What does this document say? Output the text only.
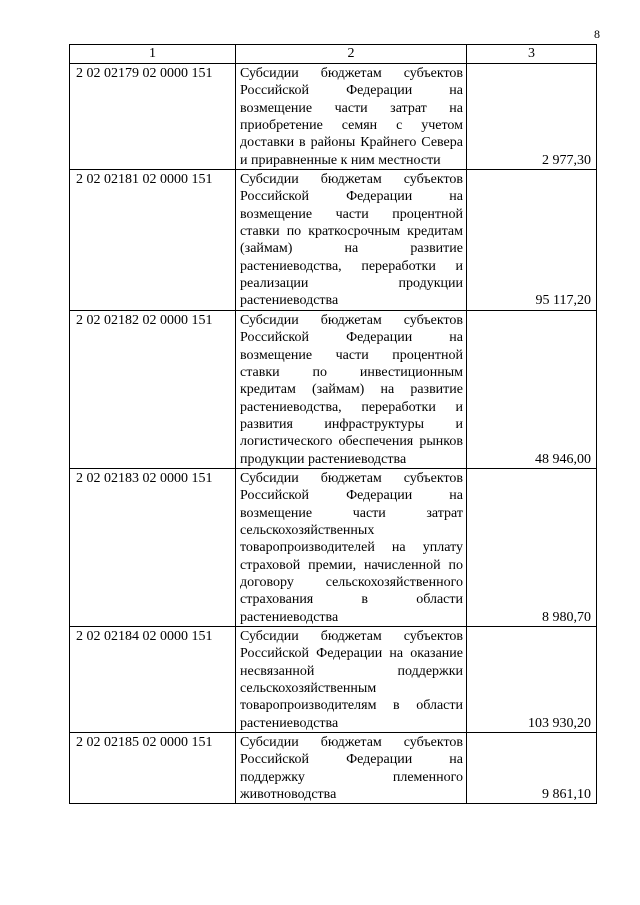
8
1	2	3
2 02 02179 02 0000 151	Субсидии бюджетам субъектов Российской Федерации на возмещение части затрат на приобретение семян с учетом доставки в районы Крайнего Севера и приравненные к ним местности	2 977,30
2 02 02181 02 0000 151	Субсидии бюджетам субъектов Российской Федерации на возмещение части процентной ставки по краткосрочным кредитам (займам) на развитие растениеводства, переработки и реализации продукции растениеводства	95 117,20
2 02 02182 02 0000 151	Субсидии бюджетам субъектов Российской Федерации на возмещение части процентной ставки по инвестиционным кредитам (займам) на развитие растениеводства, переработки и развития инфраструктуры и логистического обеспечения рынков продукции растениеводства	48 946,00
2 02 02183 02 0000 151	Субсидии бюджетам субъектов Российской Федерации на возмещение части затрат сельскохозяйственных товаропроизводителей на уплату страховой премии, начисленной по договору сельскохозяйственного страхования в области растениеводства	8 980,70
2 02 02184 02 0000 151	Субсидии бюджетам субъектов Российской Федерации на оказание несвязанной поддержки сельскохозяйственным товаропроизводителям в области растениеводства	103 930,20
2 02 02185 02 0000 151	Субсидии бюджетам субъектов Российской Федерации на поддержку племенного животноводства	9 861,10
